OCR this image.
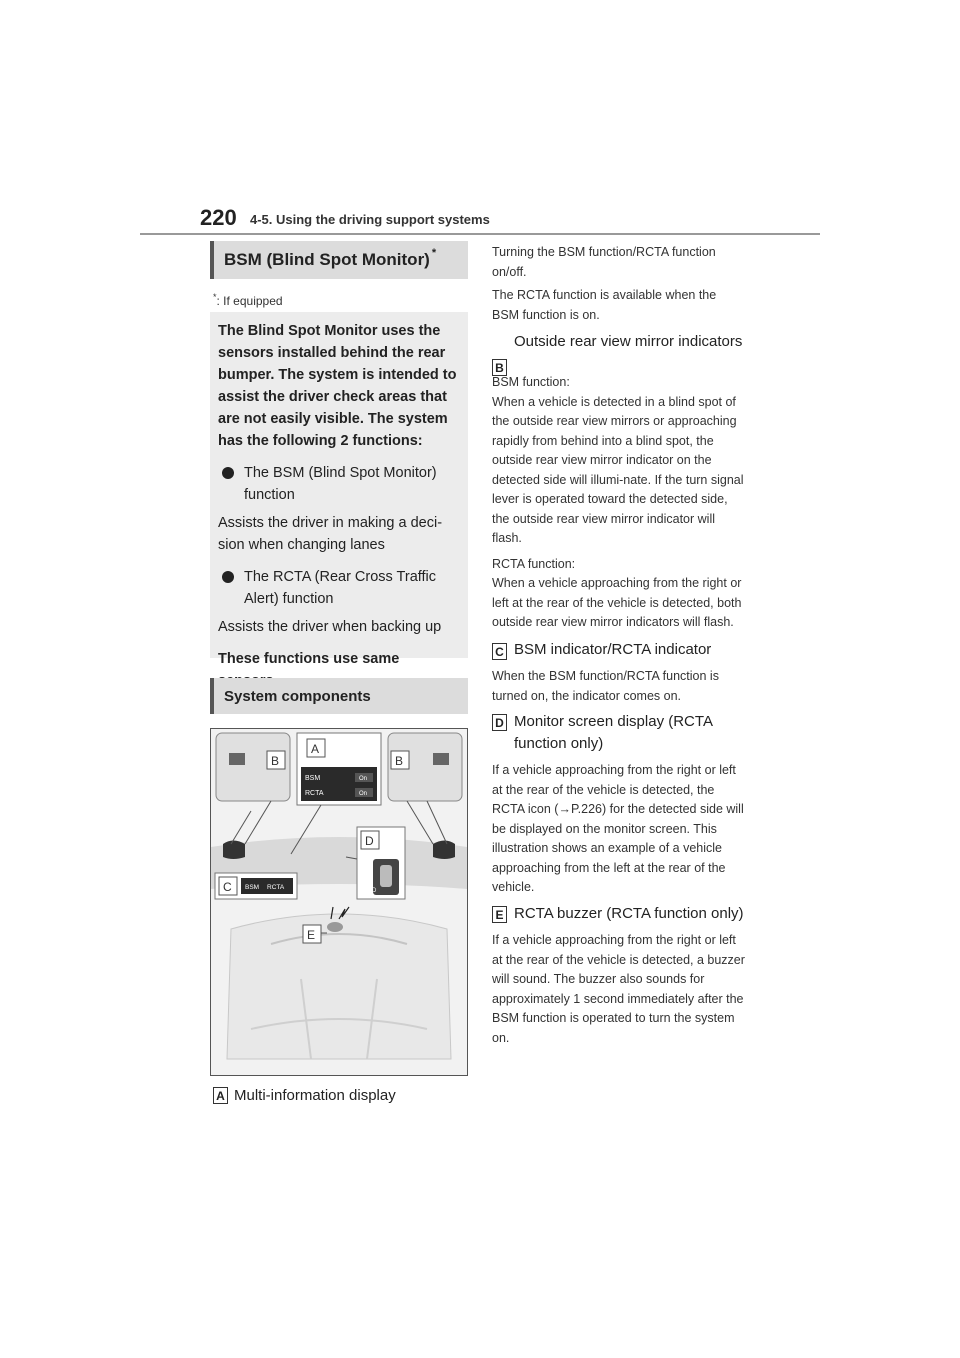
220 4-5. Using the driving support systems
BSM (Blind Spot Monitor)*
*: If equipped

The Blind Spot Monitor uses the sensors installed behind the rear bumper. The system is intended to assist the driver check areas that are not easily visible. The system has the following 2 functions:

The BSM (Blind Spot Monitor) function

Assists the driver in making a deci-sion when changing lanes

The RCTA (Rear Cross Traffic Alert) function

Assists the driver when backing up

These functions use same

System components
BSM	On
RCTA	On
D
BSM RCTA
A
B	B
C
D
E
A Multi-information display

Turning the BSM function/RCTA function on/off.

The RCTA function is available when the BSM function is on.

Outside rear view mirror indicators
B

BSM function:

When a vehicle is detected in a blind spot of the outside rear view mirrors or approaching rapidly from behind into a blind spot, the outside rear view mirror indicator on the detected side will illumi-nate. If the turn signal lever is operated toward the detected side, the outside rear view mirror indicator will flash.

RCTA function:

When a vehicle approaching from the right or left at the rear of the vehicle is detected, both outside rear view mirror indicators will flash.

BSM indicator/RCTA indicator
C

When the BSM function/RCTA function is turned on, the indicator comes on.

Monitor screen display (RCTA function only)
D

If a vehicle approaching from the right or left at the rear of the vehicle is detected, the RCTA icon (→P.226) for the detected side will be displayed on the monitor screen. This illustration shows an example of a vehicle approaching from the left at the rear of the vehicle.

RCTA buzzer (RCTA function only)
E

If a vehicle approaching from the right or left at the rear of the vehicle is detected, a buzzer will sound. The buzzer also sounds for approximately 1 second immediately after the BSM function is operated to turn the system on.
